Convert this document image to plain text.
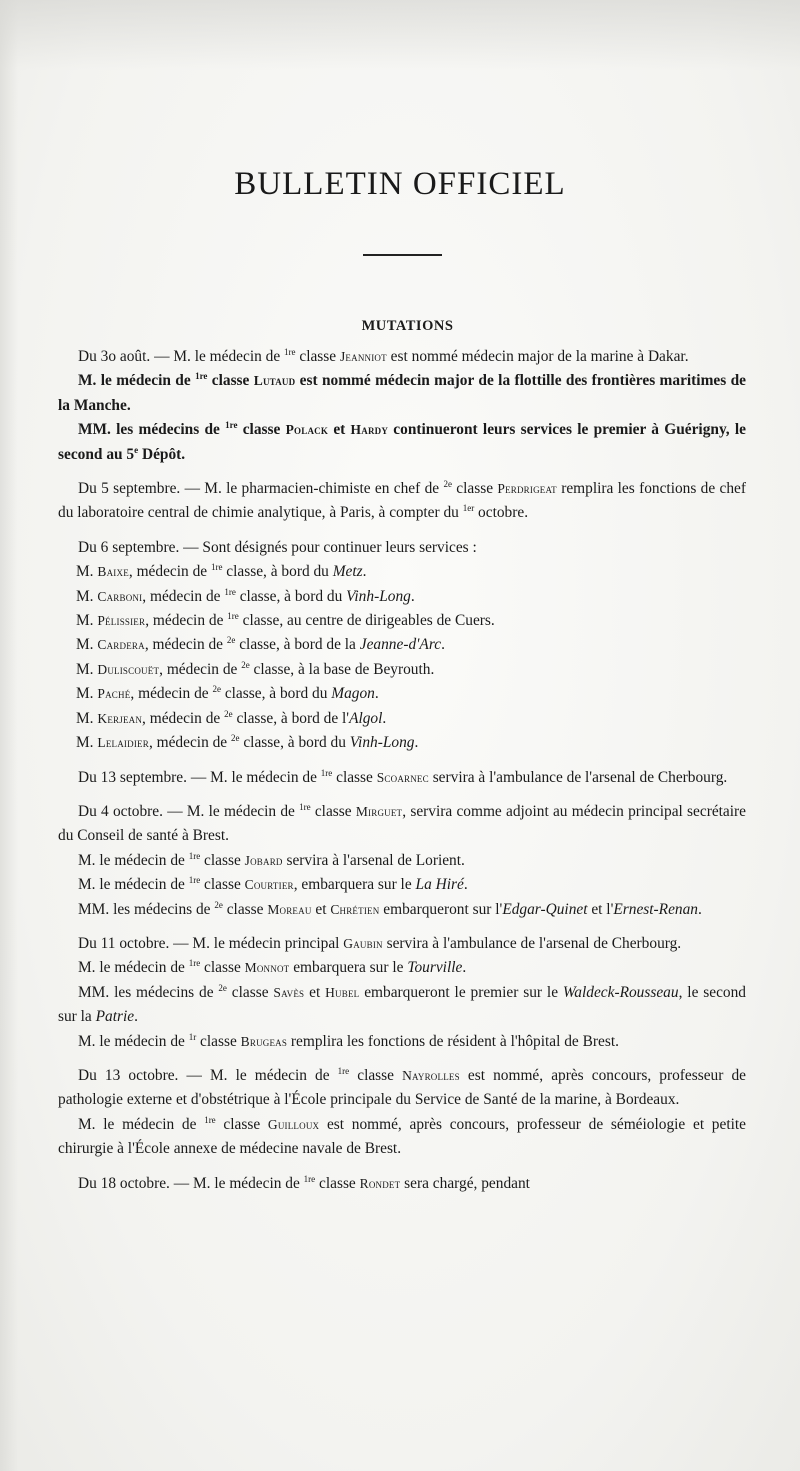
BULLETIN OFFICIEL
MUTATIONS

Du 3o août. — M. le médecin de $^{1re}$ classe Jeanniot est nommé médecin major de la marine à Dakar.

M. le médecin de $^{1re}$ classe Lutaud est nommé médecin major de la flottille des frontières maritimes de la Manche.

MM. les médecins de $^{1re}$ classe Polack et Hardy continueront leurs services le premier à Guérigny, le second au 5e Dépôt.

Du 5 septembre. — M. le pharmacien-chimiste en chef de $^{2e}$ classe Perdrigeat remplira les fonctions de chef du laboratoire central de chimie analytique, à Paris, à compter du $^{1er}$ octobre.

Du 6 septembre. — Sont désignés pour continuer leurs services :

M. Baixe, médecin de $^{1re}$ classe, à bord du Metz.

M. Carboni, médecin de $^{1re}$ classe, à bord du Vinh-Long.

M. Pélissier, médecin de $^{1re}$ classe, au centre de dirigeables de Cuers.

M. Cardera, médecin de $^{2e}$ classe, à bord de la Jeanne-d'Arc.

M. Duliscouët, médecin de $^{2e}$ classe, à la base de Beyrouth.

M. Paché, médecin de $^{2e}$ classe, à bord du Magon.

M. Kerjean, médecin de $^{2e}$ classe, à bord de l'Algol.

M. Lelaidier, médecin de $^{2e}$ classe, à bord du Vinh-Long.

Du 13 septembre. — M. le médecin de $^{1re}$ classe Scoarnec servira à l'ambulance de l'arsenal de Cherbourg.

Du 4 octobre. — M. le médecin de $^{1re}$ classe Mirguet, servira comme adjoint au médecin principal secrétaire du Conseil de santé à Brest.

M. le médecin de $^{1re}$ classe Jobard servira à l'arsenal de Lorient.

M. le médecin de $^{1re}$ classe Courtier, embarquera sur le La Hiré.

MM. les médecins de $^{2e}$ classe Moreau et Chrétien embarqueront sur l'Edgar-Quinet et l'Ernest-Renan.

Du 11 octobre. — M. le médecin principal Gaubin servira à l'ambulance de l'arsenal de Cherbourg.

M. le médecin de $^{1re}$ classe Monnot embarquera sur le Tourville.

MM. les médecins de $^{2e}$ classe Savès et Hubel embarqueront le premier sur le Waldeck-Rousseau, le second sur la Patrie.

M. le médecin de $^{1r}$ classe Brugeas remplira les fonctions de résident à l'hôpital de Brest.

Du 13 octobre. — M. le médecin de $^{1re}$ classe Nayrolles est nommé, après concours, professeur de pathologie externe et d'obstétrique à l'École principale du Service de Santé de la marine, à Bordeaux.

M. le médecin de $^{1re}$ classe Guilloux est nommé, après concours, professeur de séméiologie et petite chirurgie à l'École annexe de médecine navale de Brest.

Du 18 octobre. — M. le médecin de $^{1re}$ classe Rondet sera chargé, pendant
